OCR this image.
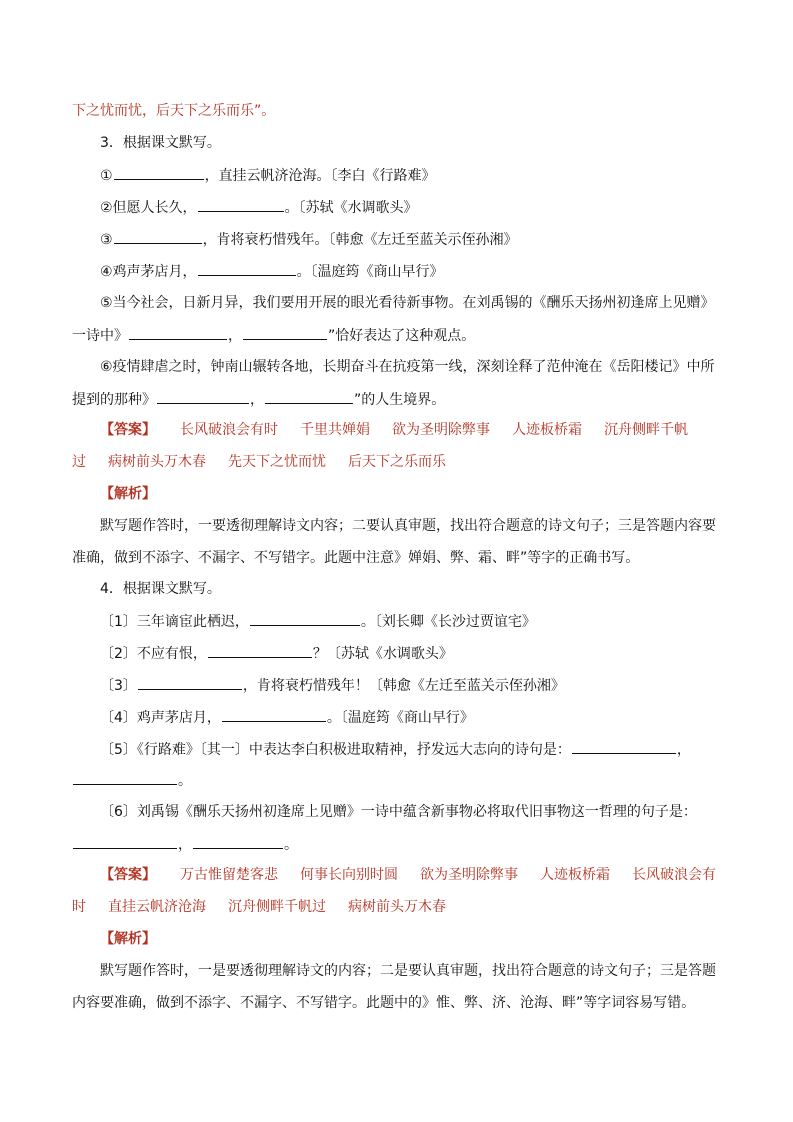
下之忧而忧，后天下之乐而乐”。
3．根据课文默写。
①	，直挂云帆济沧海。〔李白《行路难》
②但愿人长久，	。〔苏轼《水调歌头》
③	，肯将衰朽惜残年。〔韩愈《左迁至蓝关示侄孙湘》
④鸡声茅店月，	。〔温庭筠《商山早行》
⑤当今社会，日新月异，我们要用开展的眼光看待新事物。在刘禹锡的《酬乐天扬州初逢席上见赠》
一诗中》	，	”恰好表达了这种观点。
⑥疫情肆虐之时，钟南山辗转各地，长期奋斗在抗疫第一线，深刻诠释了范仲淹在《岳阳楼记》中所
提到的那种》	，	”的人生境界。
【答案】 长风破浪会有时 千里共婵娟 欲为圣明除弊事 人迹板桥霜 沉舟侧畔千帆
过 病树前头万木春 先天下之忧而忧 后天下之乐而乐
【解析】
默写题作答时，一要透彻理解诗文内容；二要认真审题，找出符合题意的诗文句子；三是答题内容要
准确，做到不添字、不漏字、不写错字。此题中注意》婵娟、弊、霜、畔”等字的正确书写。
4．根据课文默写。
〔1〕三年谪宦此栖迟，	。〔刘长卿《长沙过贾谊宅》
〔2〕不应有恨，	？〔苏轼《水调歌头》
〔3〕	，肯将衰朽惜残年！〔韩愈《左迁至蓝关示侄孙湘》
〔4〕鸡声茅店月，	。〔温庭筠《商山早行》
〔5〕《行路难》〔其一〕中表达李白积极进取精神，抒发远大志向的诗句是：	，
。
〔6〕刘禹锡《酬乐天扬州初逢席上见赠》一诗中蕴含新事物必将取代旧事物这一哲理的句子是：
，	。
【答案】 万古惟留楚客悲 何事长向别时圆 欲为圣明除弊事 人迹板桥霜 长风破浪会有
时 直挂云帆济沧海 沉舟侧畔千帆过 病树前头万木春
【解析】
默写题作答时，一是要透彻理解诗文的内容；二是要认真审题，找出符合题意的诗文句子；三是答题
内容要准确，做到不添字、不漏字、不写错字。此题中的》惟、弊、济、沧海、畔”等字词容易写错。
